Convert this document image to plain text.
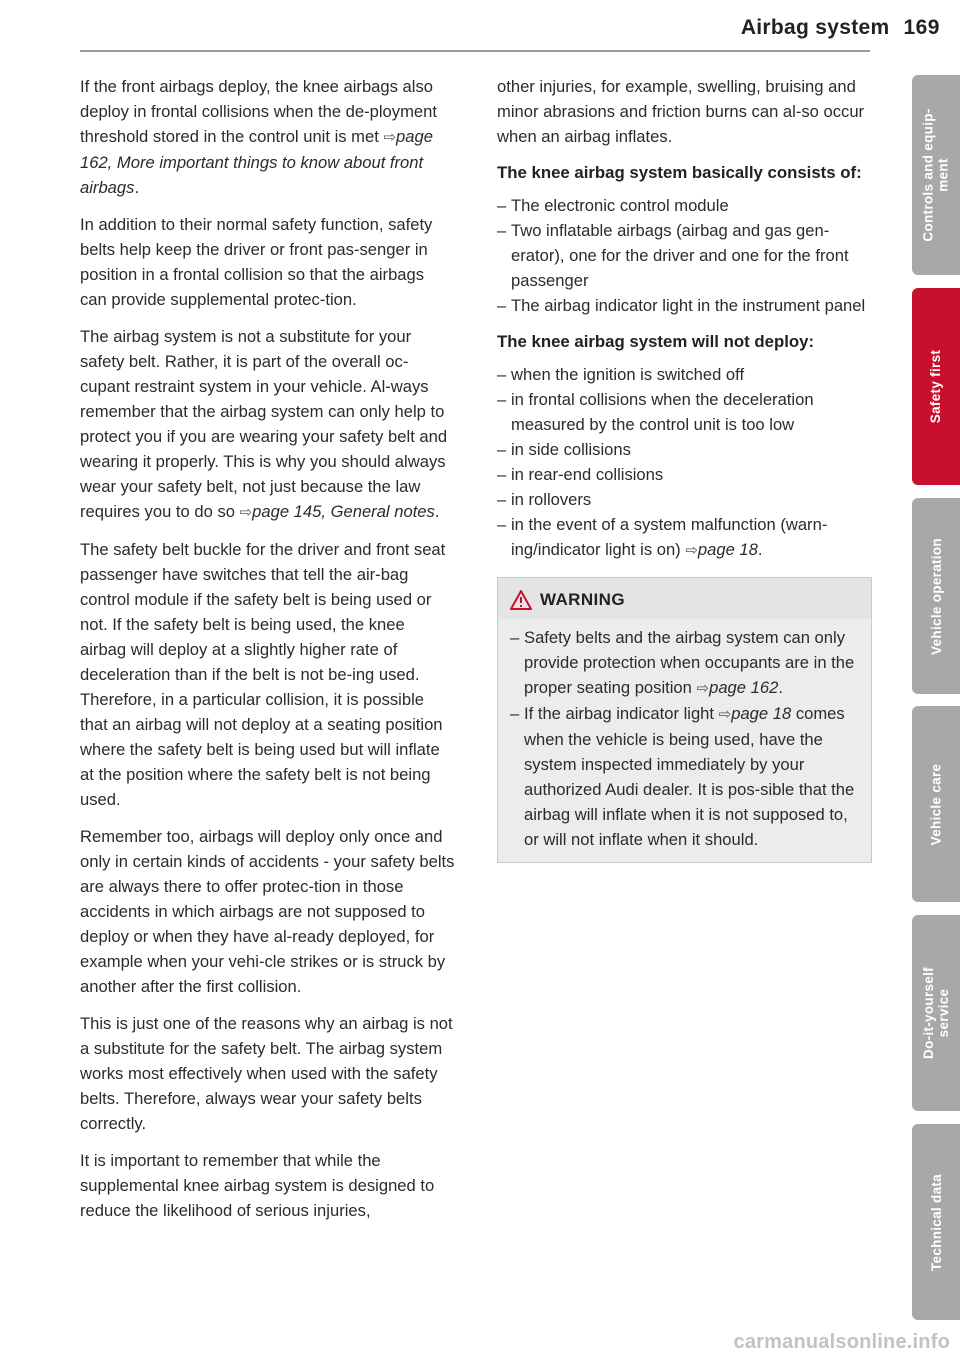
Airbag system 169

If the front airbags deploy, the knee airbags also deploy in frontal collisions when the de-ployment threshold stored in the control unit is met ⇨page 162, More important things to know about front airbags.

In addition to their normal safety function, safety belts help keep the driver or front pas-senger in position in a frontal collision so that the airbags can provide supplemental protec-tion.

The airbag system is not a substitute for your safety belt. Rather, it is part of the overall oc-cupant restraint system in your vehicle. Al-ways remember that the airbag system can only help to protect you if you are wearing your safety belt and wearing it properly. This is why you should always wear your safety belt, not just because the law requires you to do so ⇨page 145, General notes.

The safety belt buckle for the driver and front seat passenger have switches that tell the air-bag control module if the safety belt is being used or not. If the safety belt is being used, the knee airbag will deploy at a slightly higher rate of deceleration than if the belt is not be-ing used. Therefore, in a particular collision, it is possible that an airbag will not deploy at a seating position where the safety belt is being used but will inflate at the position where the safety belt is not being used.

Remember too, airbags will deploy only once and only in certain kinds of accidents - your safety belts are always there to offer protec-tion in those accidents in which airbags are not supposed to deploy or when they have al-ready deployed, for example when your vehi-cle strikes or is struck by another after the first collision.

This is just one of the reasons why an airbag is not a substitute for the safety belt. The airbag system works most effectively when used with the safety belts. Therefore, always wear your safety belts correctly.

It is important to remember that while the supplemental knee airbag system is designed to reduce the likelihood of serious injuries,

other injuries, for example, swelling, bruising and minor abrasions and friction burns can al-so occur when an airbag inflates.

The knee airbag system basically consists of:
– The electronic control module
– Two inflatable airbags (airbag and gas gen-erator), one for the driver and one for the front passenger
– The airbag indicator light in the instrument panel
The knee airbag system will not deploy:
– when the ignition is switched off
– in frontal collisions when the deceleration measured by the control unit is too low
– in side collisions
– in rear-end collisions
– in rollovers
– in the event of a system malfunction (warn-ing/indicator light is on) ⇨page 18.
WARNING
– Safety belts and the airbag system can only provide protection when occupants are in the proper seating position ⇨page 162.
– If the airbag indicator light ⇨page 18 comes when the vehicle is being used, have the system inspected immediately by your authorized Audi dealer. It is pos-sible that the airbag will inflate when it is not supposed to, or will not inflate when it should.
Controls and equip-
ment
Safety first
Vehicle operation
Vehicle care
Do-it-yourself
service
Technical data
carmanualsonline.info
